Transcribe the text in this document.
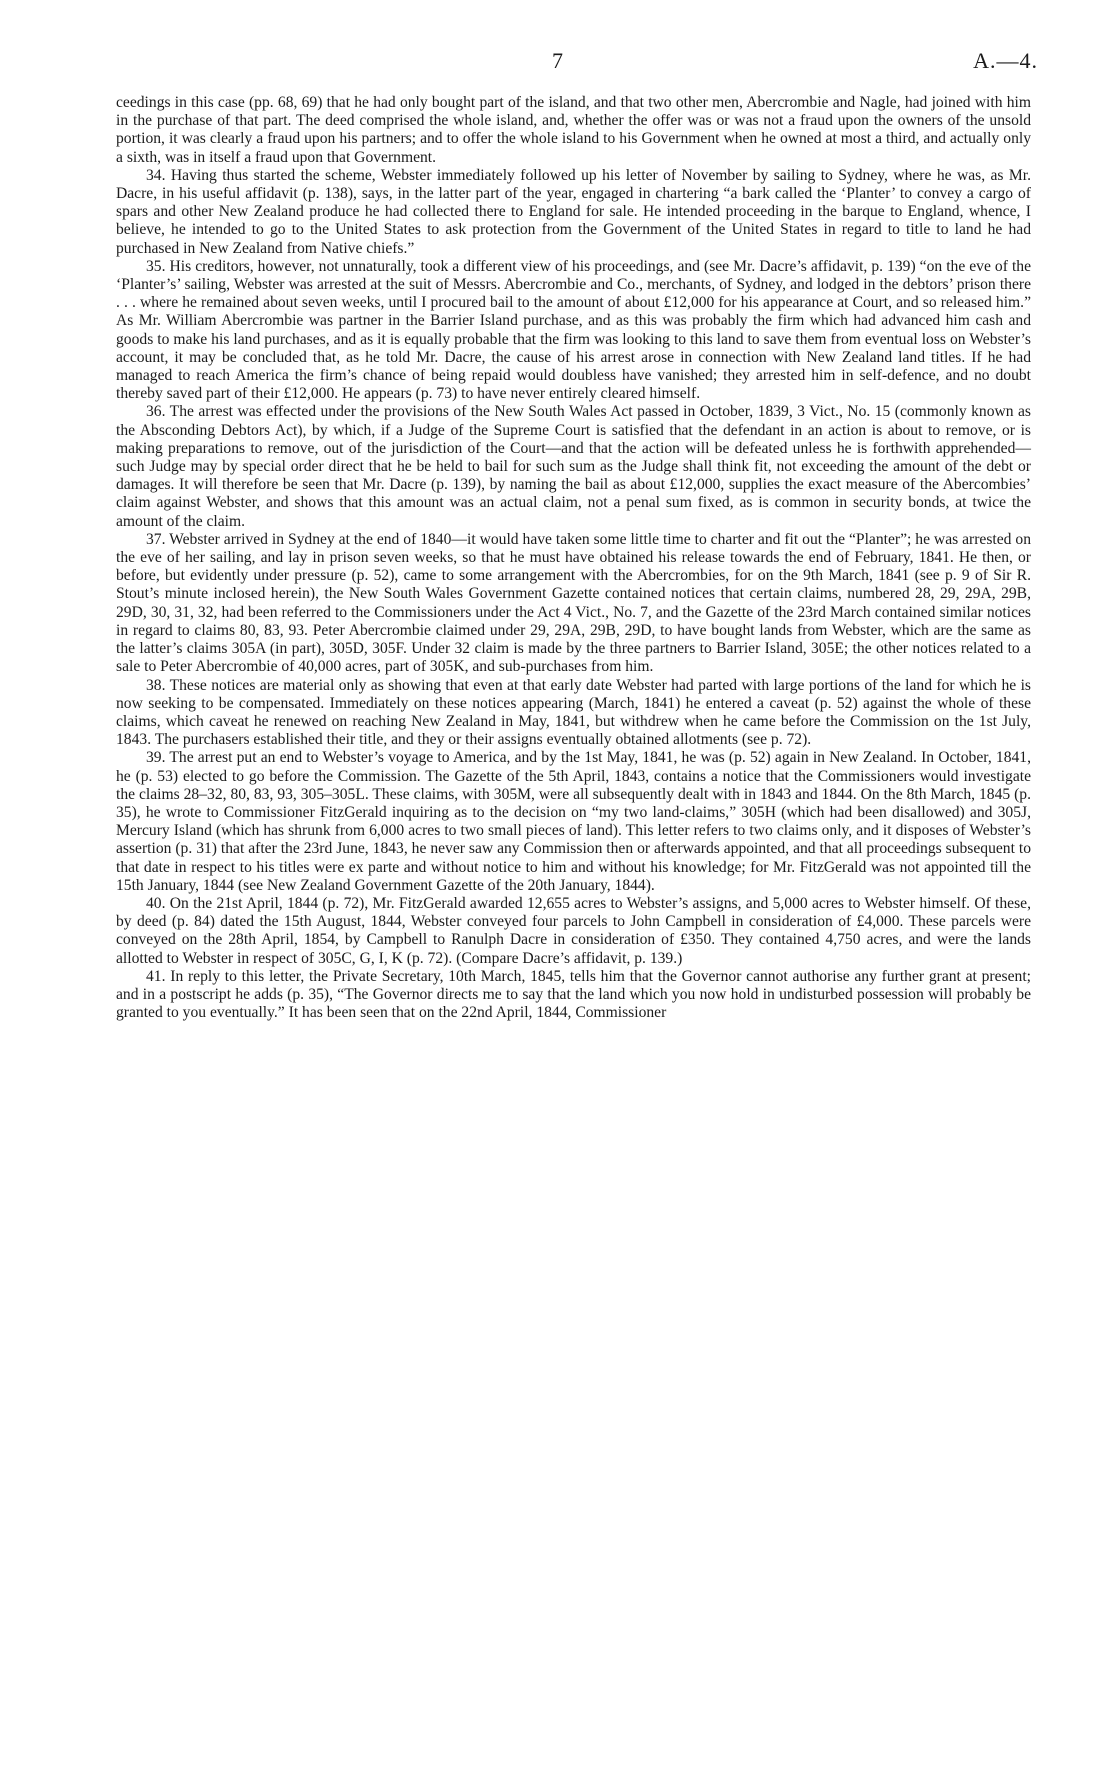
7	A.—4.

ceedings in this case (pp. 68, 69) that he had only bought part of the island, and that two other men, Abercrombie and Nagle, had joined with him in the purchase of that part. The deed comprised the whole island, and, whether the offer was or was not a fraud upon the owners of the unsold portion, it was clearly a fraud upon his partners; and to offer the whole island to his Government when he owned at most a third, and actually only a sixth, was in itself a fraud upon that Government.

34. Having thus started the scheme, Webster immediately followed up his letter of November by sailing to Sydney, where he was, as Mr. Dacre, in his useful affidavit (p. 138), says, in the latter part of the year, engaged in chartering “a bark called the ‘Planter’ to convey a cargo of spars and other New Zealand produce he had collected there to England for sale. He intended proceeding in the barque to England, whence, I believe, he intended to go to the United States to ask protection from the Government of the United States in regard to title to land he had purchased in New Zealand from Native chiefs.”

35. His creditors, however, not unnaturally, took a different view of his proceedings, and (see Mr. Dacre’s affidavit, p. 139) “on the eve of the ‘Planter’s’ sailing, Webster was arrested at the suit of Messrs. Abercrombie and Co., merchants, of Sydney, and lodged in the debtors’ prison there . . . where he remained about seven weeks, until I procured bail to the amount of about £12,000 for his appearance at Court, and so released him.” As Mr. William Abercrombie was partner in the Barrier Island purchase, and as this was probably the firm which had advanced him cash and goods to make his land purchases, and as it is equally probable that the firm was looking to this land to save them from eventual loss on Webster’s account, it may be concluded that, as he told Mr. Dacre, the cause of his arrest arose in connection with New Zealand land titles. If he had managed to reach America the firm’s chance of being repaid would doubless have vanished; they arrested him in self-defence, and no doubt thereby saved part of their £12,000. He appears (p. 73) to have never entirely cleared himself.

36. The arrest was effected under the provisions of the New South Wales Act passed in October, 1839, 3 Vict., No. 15 (commonly known as the Absconding Debtors Act), by which, if a Judge of the Supreme Court is satisfied that the defendant in an action is about to remove, or is making preparations to remove, out of the jurisdiction of the Court—and that the action will be defeated unless he is forthwith apprehended—such Judge may by special order direct that he be held to bail for such sum as the Judge shall think fit, not exceeding the amount of the debt or damages. It will therefore be seen that Mr. Dacre (p. 139), by naming the bail as about £12,000, supplies the exact measure of the Abercombies’ claim against Webster, and shows that this amount was an actual claim, not a penal sum fixed, as is common in security bonds, at twice the amount of the claim.

37. Webster arrived in Sydney at the end of 1840—it would have taken some little time to charter and fit out the “Planter”; he was arrested on the eve of her sailing, and lay in prison seven weeks, so that he must have obtained his release towards the end of February, 1841. He then, or before, but evidently under pressure (p. 52), came to some arrangement with the Abercrombies, for on the 9th March, 1841 (see p. 9 of Sir R. Stout’s minute inclosed herein), the New South Wales Government Gazette contained notices that certain claims, numbered 28, 29, 29A, 29B, 29D, 30, 31, 32, had been referred to the Commissioners under the Act 4 Vict., No. 7, and the Gazette of the 23rd March contained similar notices in regard to claims 80, 83, 93. Peter Abercrombie claimed under 29, 29A, 29B, 29D, to have bought lands from Webster, which are the same as the latter’s claims 305A (in part), 305D, 305F. Under 32 claim is made by the three partners to Barrier Island, 305E; the other notices related to a sale to Peter Abercrombie of 40,000 acres, part of 305K, and sub-purchases from him.

38. These notices are material only as showing that even at that early date Webster had parted with large portions of the land for which he is now seeking to be compensated. Immediately on these notices appearing (March, 1841) he entered a caveat (p. 52) against the whole of these claims, which caveat he renewed on reaching New Zealand in May, 1841, but withdrew when he came before the Commission on the 1st July, 1843. The purchasers established their title, and they or their assigns eventually obtained allotments (see p. 72).

39. The arrest put an end to Webster’s voyage to America, and by the 1st May, 1841, he was (p. 52) again in New Zealand. In October, 1841, he (p. 53) elected to go before the Commission. The Gazette of the 5th April, 1843, contains a notice that the Commissioners would investigate the claims 28–32, 80, 83, 93, 305–305L. These claims, with 305M, were all subsequently dealt with in 1843 and 1844. On the 8th March, 1845 (p. 35), he wrote to Commissioner FitzGerald inquiring as to the decision on “my two land-claims,” 305H (which had been disallowed) and 305J, Mercury Island (which has shrunk from 6,000 acres to two small pieces of land). This letter refers to two claims only, and it disposes of Webster’s assertion (p. 31) that after the 23rd June, 1843, he never saw any Commission then or afterwards appointed, and that all proceedings subsequent to that date in respect to his titles were ex parte and without notice to him and without his knowledge; for Mr. FitzGerald was not appointed till the 15th January, 1844 (see New Zealand Government Gazette of the 20th January, 1844).

40. On the 21st April, 1844 (p. 72), Mr. FitzGerald awarded 12,655 acres to Webster’s assigns, and 5,000 acres to Webster himself. Of these, by deed (p. 84) dated the 15th August, 1844, Webster conveyed four parcels to John Campbell in consideration of £4,000. These parcels were conveyed on the 28th April, 1854, by Campbell to Ranulph Dacre in consideration of £350. They contained 4,750 acres, and were the lands allotted to Webster in respect of 305C, G, I, K (p. 72). (Compare Dacre’s affidavit, p. 139.)

41. In reply to this letter, the Private Secretary, 10th March, 1845, tells him that the Governor cannot authorise any further grant at present; and in a postscript he adds (p. 35), “The Governor directs me to say that the land which you now hold in undisturbed possession will probably be granted to you eventually.” It has been seen that on the 22nd April, 1844, Commissioner
